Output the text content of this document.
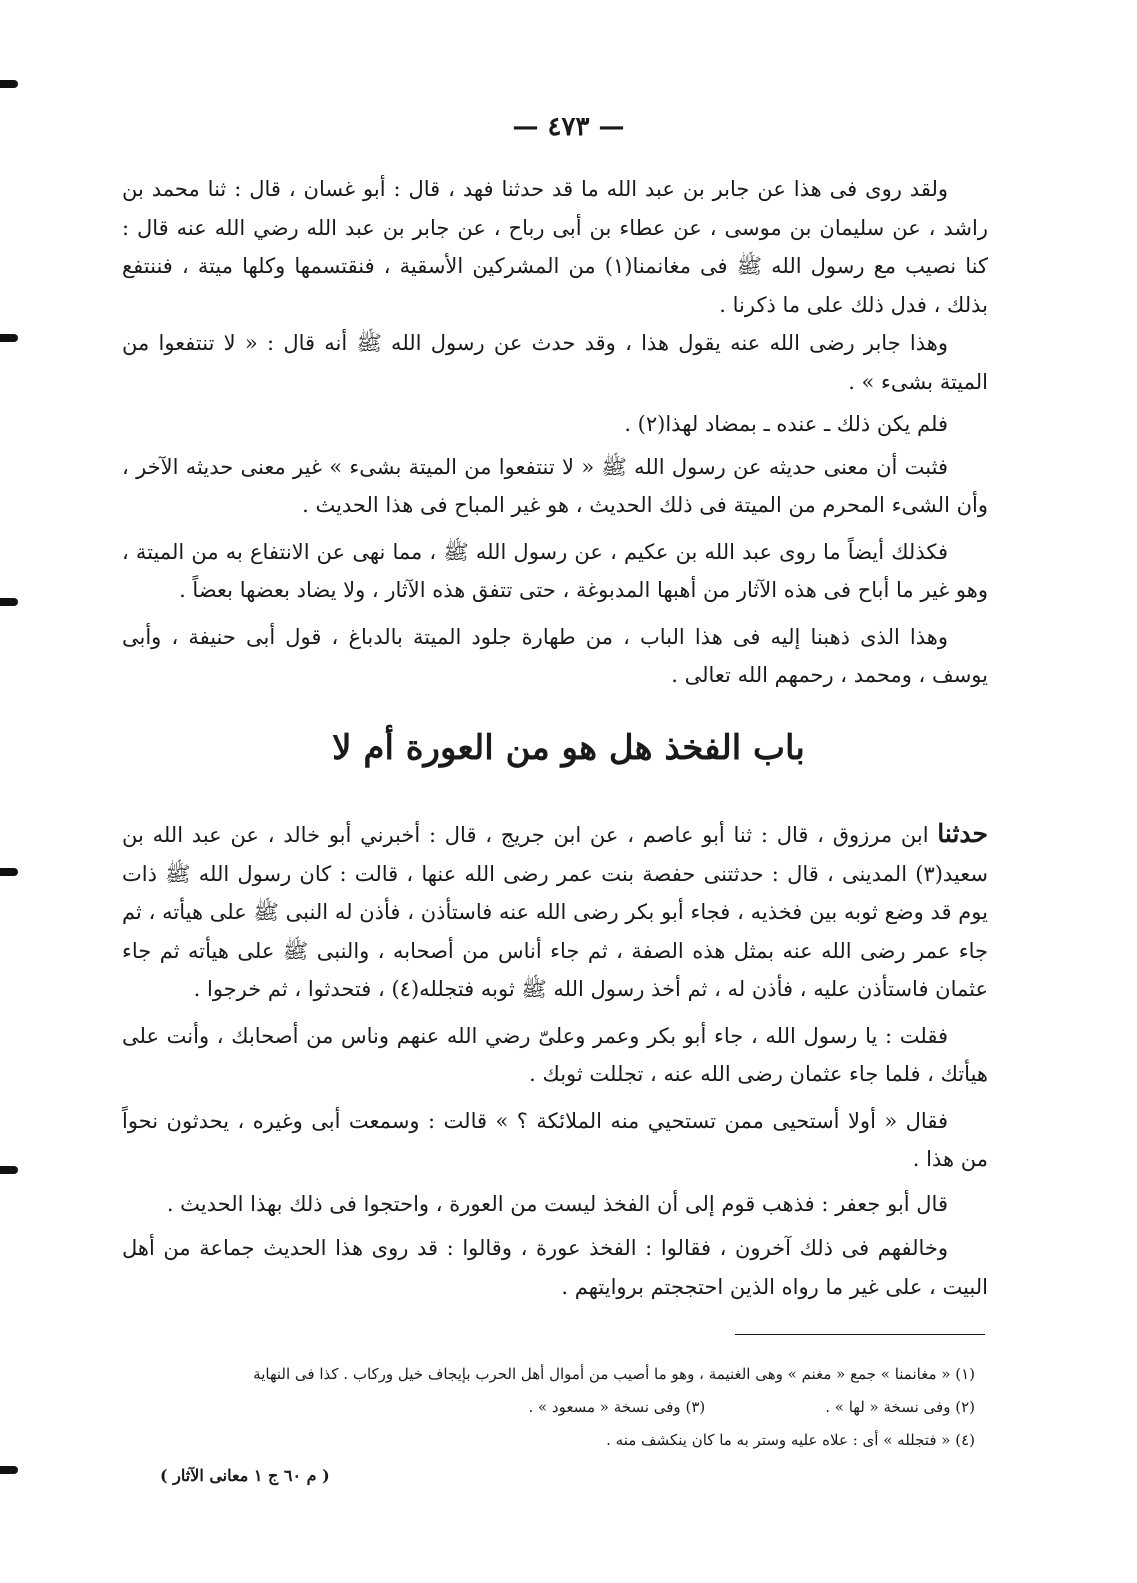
— ٤٧٣ —

ولقد روى فى هذا عن جابر بن عبد الله ما قد حدثنا فهد ، قال : أبو غسان ، قال : ثنا محمد بن راشد ، عن سليمان بن موسى ، عن عطاء بن أبى رباح ، عن جابر بن عبد الله رضي الله عنه قال : كنا نصيب مع رسول الله ﷺ فى مغانمنا(١) من المشركين الأسقية ، فنقتسمها وكلها ميتة ، فننتفع بذلك ، فدل ذلك على ما ذكرنا .

وهذا جابر رضى الله عنه يقول هذا ، وقد حدث عن رسول الله ﷺ أنه قال : « لا تنتفعوا من الميتة بشىء » .

فلم يكن ذلك ـ عنده ـ بمضاد لهذا(٢) .

فثبت أن معنى حديثه عن رسول الله ﷺ « لا تنتفعوا من الميتة بشىء » غير معنى حديثه الآخر ، وأن الشىء المحرم من الميتة فى ذلك الحديث ، هو غير المباح فى هذا الحديث .

فكذلك أيضاً ما روى عبد الله بن عكيم ، عن رسول الله ﷺ ، مما نهى عن الانتفاع به من الميتة ، وهو غير ما أباح فى هذه الآثار من أهبها المدبوغة ، حتى تتفق هذه الآثار ، ولا يضاد بعضها بعضاً .

وهذا الذى ذهبنا إليه فى هذا الباب ، من طهارة جلود الميتة بالدباغ ، قول أبى حنيفة ، وأبى يوسف ، ومحمد ، رحمهم الله تعالى .

باب الفخذ هل هو من العورة أم لا

حدثنا ابن مرزوق ، قال : ثنا أبو عاصم ، عن ابن جريج ، قال : أخبرني أبو خالد ، عن عبد الله بن سعيد(٣) المدينى ، قال : حدثتنى حفصة بنت عمر رضى الله عنها ، قالت : كان رسول الله ﷺ ذات يوم قد وضع ثوبه بين فخذيه ، فجاء أبو بكر رضى الله عنه فاستأذن ، فأذن له النبى ﷺ على هيأته ، ثم جاء عمر رضى الله عنه بمثل هذه الصفة ، ثم جاء أناس من أصحابه ، والنبى ﷺ على هيأته ثم جاء عثمان فاستأذن عليه ، فأذن له ، ثم أخذ رسول الله ﷺ ثوبه فتجلله(٤) ، فتحدثوا ، ثم خرجوا .

فقلت : يا رسول الله ، جاء أبو بكر وعمر وعلىّ رضي الله عنهم وناس من أصحابك ، وأنت على هيأتك ، فلما جاء عثمان رضى الله عنه ، تجللت ثوبك .

فقال « أولا أستحيى ممن تستحيي منه الملائكة ؟ » قالت : وسمعت أبى وغيره ، يحدثون نحواً من هذا .

قال أبو جعفر : فذهب قوم إلى أن الفخذ ليست من العورة ، واحتجوا فى ذلك بهذا الحديث .

وخالفهم فى ذلك آخرون ، فقالوا : الفخذ عورة ، وقالوا : قد روى هذا الحديث جماعة من أهل البيت ، على غير ما رواه الذين احتججتم بروايتهم .

(١) « مغانمنا » جمع « مغنم » وهى الغنيمة ، وهو ما أصيب من أموال أهل الحرب بإيجاف خيل وركاب . كذا فى النهاية

(٢) وفى نسخة « لها » .(٣) وفى نسخة « مسعود » .

(٤) « فتجلله » أى : علاه عليه وستر به ما كان ينكشف منه .

( م ٦٠ ج ١ معانى الآثار )
